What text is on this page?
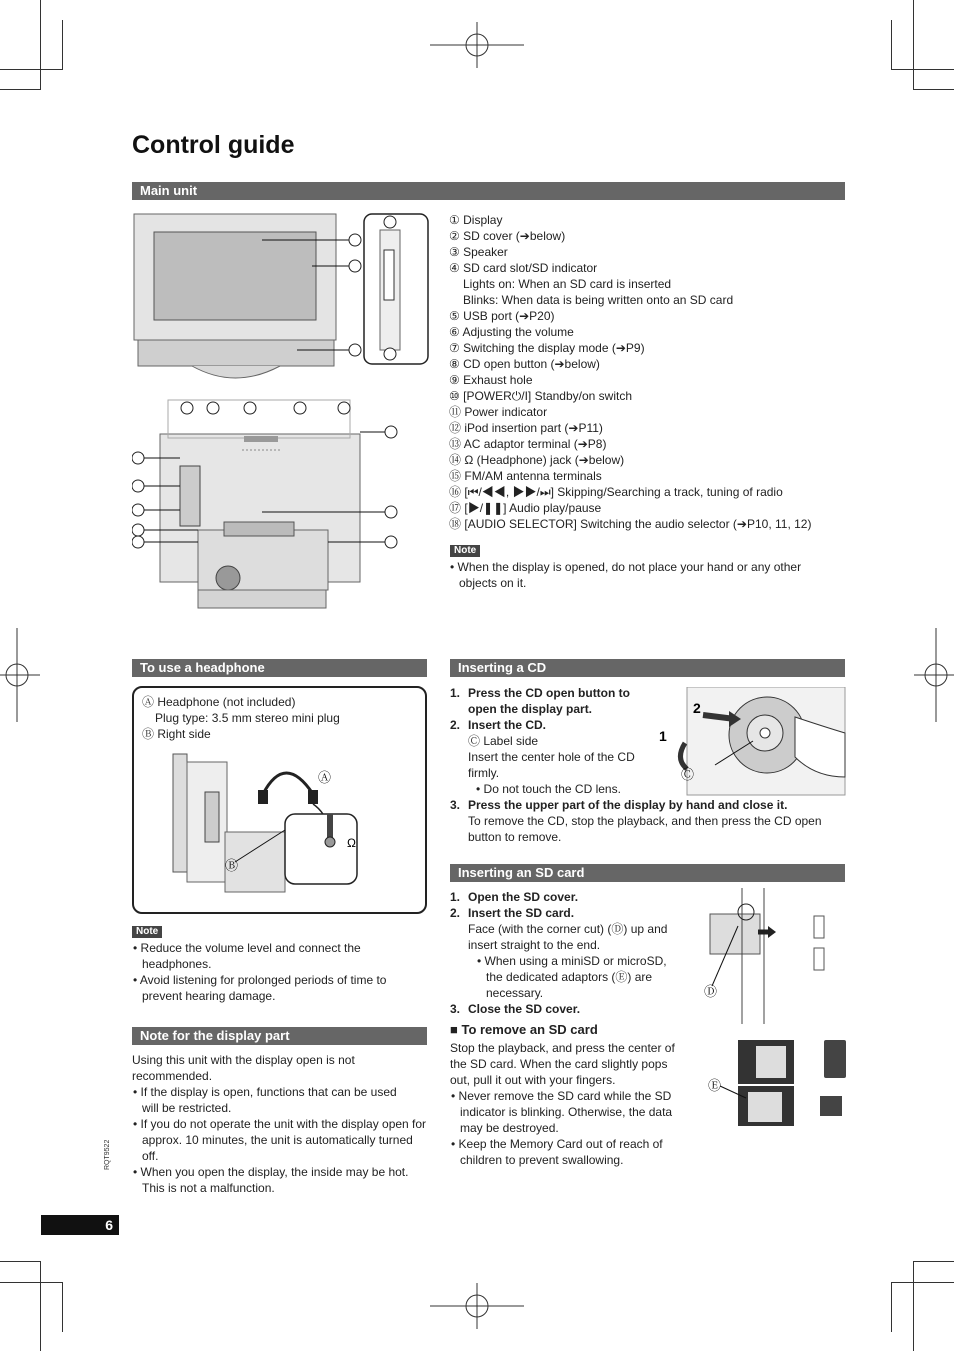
Control guide
Main unit
① Display
② SD cover (➔below)
③ Speaker
④ SD card slot/SD indicator
Lights on: When an SD card is inserted
Blinks: When data is being written onto an SD card
⑤ USB port (➔P20)
⑥ Adjusting the volume
⑦ Switching the display mode (➔P9)
⑧ CD open button (➔below)
⑨ Exhaust hole
⑩ [POWER⏻/I] Standby/on switch
⑪ Power indicator
⑫ iPod insertion part (➔P11)
⑬ AC adaptor terminal (➔P8)
⑭ Ω (Headphone) jack (➔below)
⑮ FM/AM antenna terminals
⑯ [⏮/◀◀, ▶▶/⏭] Skipping/Searching a track, tuning of radio
⑰ [▶/❚❚] Audio play/pause
⑱ [AUDIO SELECTOR] Switching the audio selector (➔P10, 11, 12)
Note
• When the display is opened, do not place your hand or any other
objects on it.
To use a headphone
Ⓐ Headphone (not included)
Plug type: 3.5 mm stereo mini plug
Ⓑ Right side
Ⓐ
Ⓑ
Ω
Note
• Reduce the volume level and connect the headphones.
• Avoid listening for prolonged periods of time to prevent hearing damage.
Note for the display part
Using this unit with the display open is not recommended.
• If the display is open, functions that can be used will be restricted.
• If you do not operate the unit with the display open for approx. 10 minutes, the unit is automatically turned off.
• When you open the display, the inside may be hot. This is not a malfunction.
Inserting a CD
1. Press the CD open button to open the display part.
2. Insert the CD.
Ⓒ Label side
Insert the center hole of the CD firmly.
• Do not touch the CD lens.
3. Press the upper part of the display by hand and close it.
To remove the CD, stop the playback, and then press the CD open button to remove.
2
1
Ⓒ
Inserting an SD card
1. Open the SD cover.
2. Insert the SD card.
Face (with the corner cut) (Ⓓ) up and insert straight to the end.
• When using a miniSD or microSD, the dedicated adaptors (Ⓔ) are necessary.
3. Close the SD cover.
Ⓓ
■ To remove an SD card
Stop the playback, and press the center of the SD card. When the card slightly pops out, pull it out with your fingers.
• Never remove the SD card while the SD indicator is blinking. Otherwise, the data may be destroyed.
• Keep the Memory Card out of reach of children to prevent swallowing.
Ⓔ
RQT9522
6
